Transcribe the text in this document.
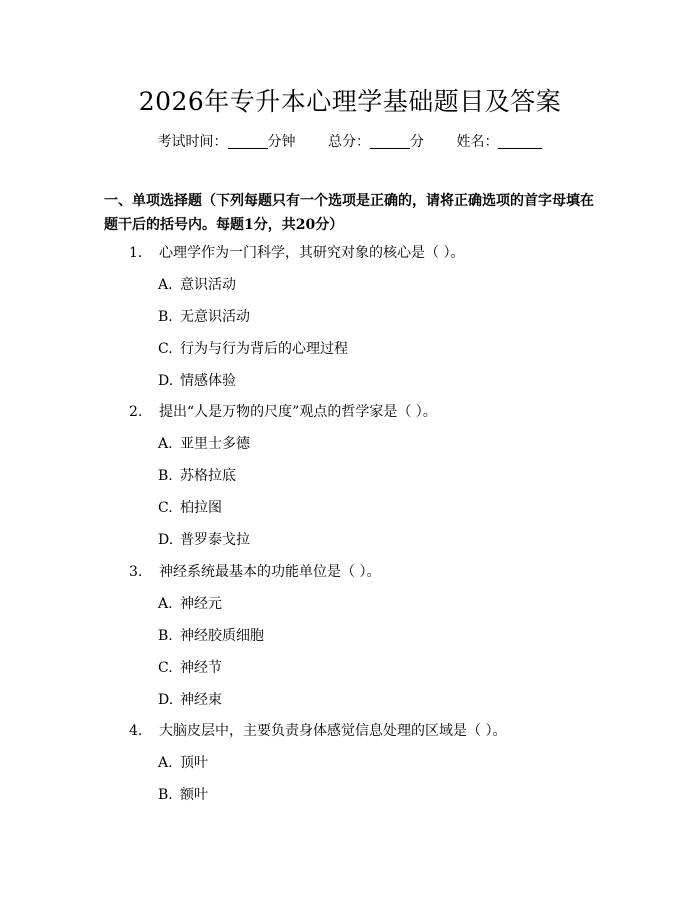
2026年专升本心理学基础题目及答案
考试时间：	分钟 总分：	分 姓名：
一、单项选择题（下列每题只有一个选项是正确的，请将正确选项的首字母填在题干后的括号内。每题1分，共20分）
1. 心理学作为一门科学，其研究对象的核心是（ ）。
A. 意识活动
B. 无意识活动
C. 行为与行为背后的心理过程
D. 情感体验
2. 提出“人是万物的尺度”观点的哲学家是（ ）。
A. 亚里士多德
B. 苏格拉底
C. 柏拉图
D. 普罗泰戈拉
3. 神经系统最基本的功能单位是（ ）。
A. 神经元
B. 神经胶质细胞
C. 神经节
D. 神经束
4. 大脑皮层中，主要负责身体感觉信息处理的区域是（ ）。
A. 顶叶
B. 额叶
